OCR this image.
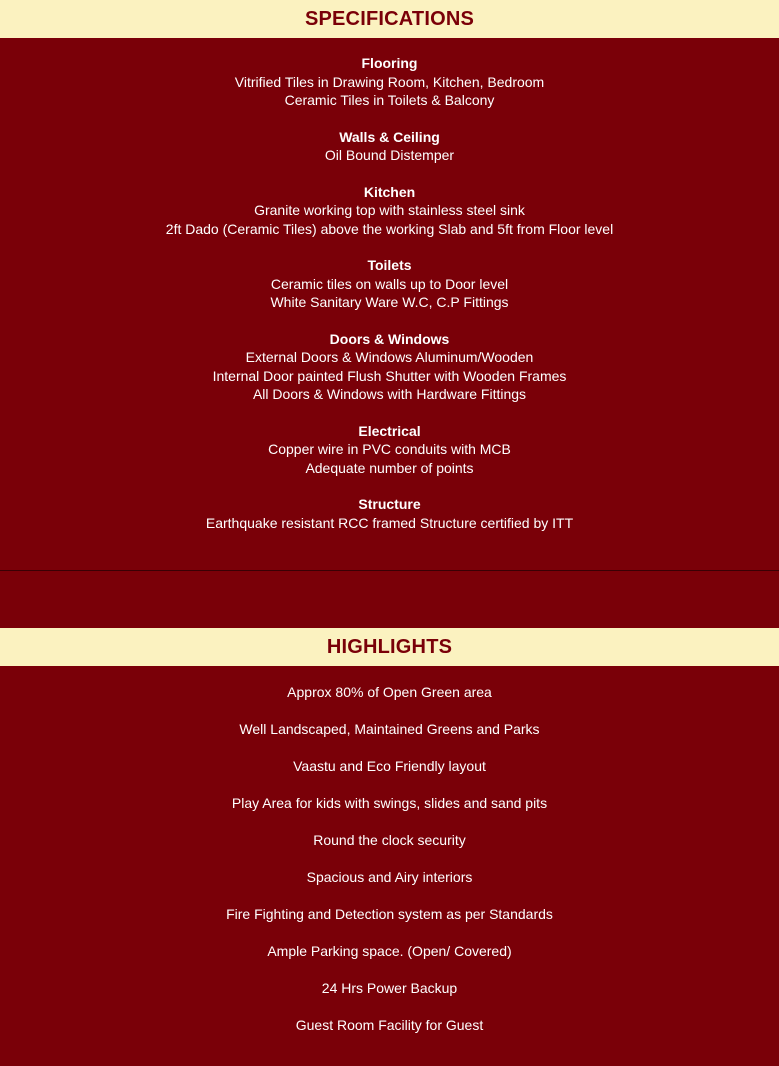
SPECIFICATIONS
Flooring
Vitrified Tiles in Drawing Room, Kitchen, Bedroom
Ceramic Tiles in Toilets & Balcony
Walls & Ceiling
Oil Bound Distemper
Kitchen
Granite working top with stainless steel sink
2ft Dado (Ceramic Tiles) above the working Slab and 5ft from Floor level
Toilets
Ceramic tiles on walls up to Door level
White Sanitary Ware W.C, C.P Fittings
Doors & Windows
External Doors & Windows Aluminum/Wooden
Internal Door painted Flush Shutter with Wooden Frames
All Doors & Windows with Hardware Fittings
Electrical
Copper wire in PVC conduits with MCB
Adequate number of points
Structure
Earthquake resistant RCC framed Structure certified by ITT
HIGHLIGHTS
Approx 80% of Open Green area
Well Landscaped, Maintained Greens and Parks
Vaastu and Eco Friendly layout
Play Area for kids with swings, slides and sand pits
Round the clock security
Spacious and Airy interiors
Fire Fighting and Detection system as per Standards
Ample Parking space. (Open/ Covered)
24 Hrs Power Backup
Guest Room Facility for Guest
